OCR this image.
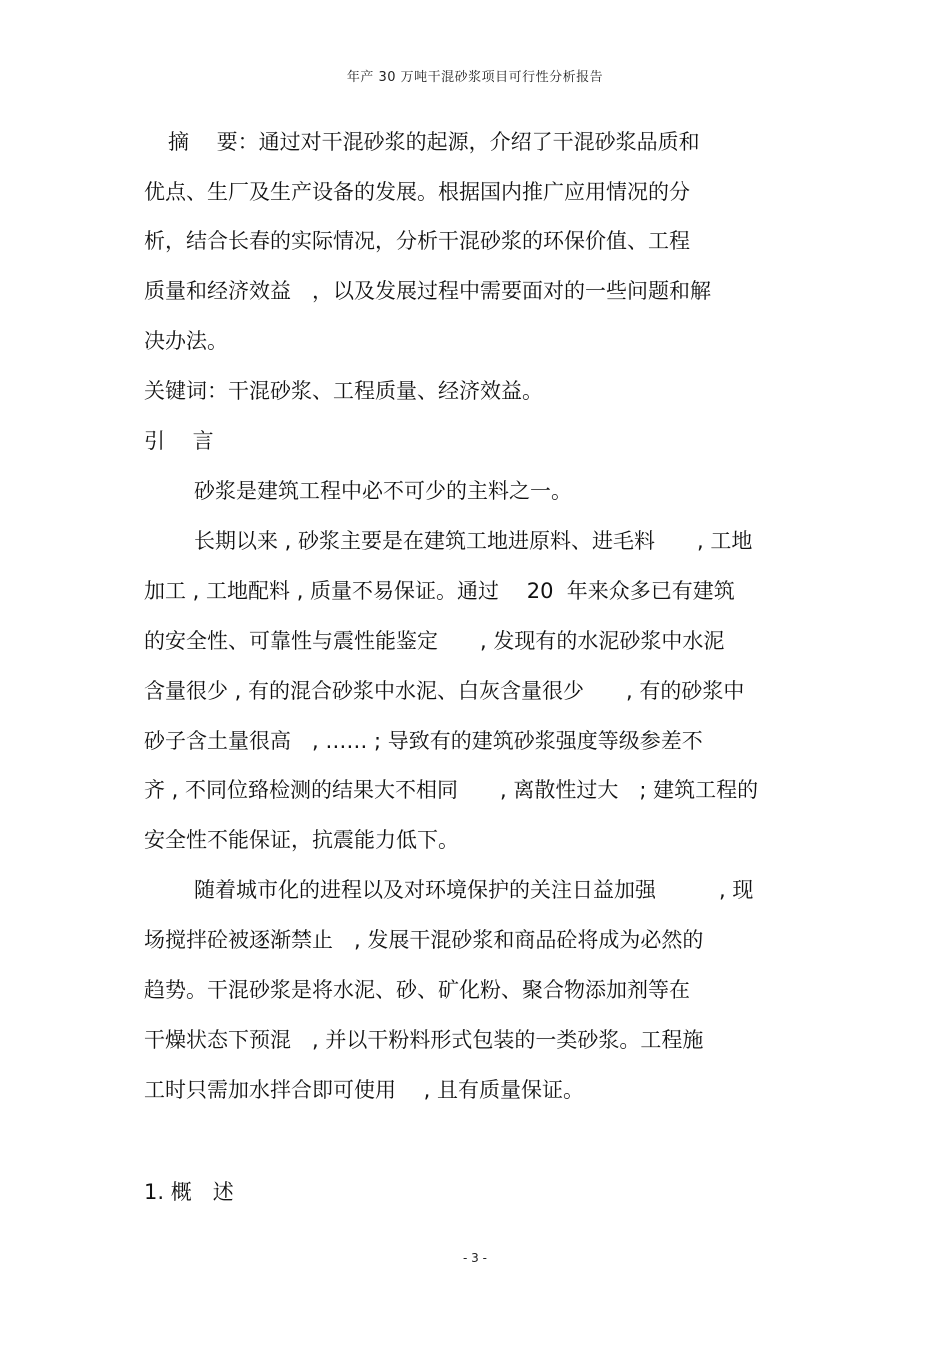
年产 30 万吨干混砂浆项目可行性分析报告
摘　 要：通过对干混砂浆的起源，介绍了干混砂浆品质和
优点、生厂及生产设备的发展。根据国内推广应用情况的分
析，结合长春的实际情况，分析干混砂浆的环保价值、工程
质量和经济效益　，以及发展过程中需要面对的一些问题和解
决办法。
关键词：干混砂浆、工程质量、经济效益。
引　 言
砂浆是建筑工程中必不可少的主料之一。
长期以来 , 砂浆主要是在建筑工地进原料、进毛料　　, 工地
加工 , 工地配料 , 质量不易保证。通过　 20  年来众多已有建筑
的安全性、可靠性与震性能鉴定　　, 发现有的水泥砂浆中水泥
含量很少 , 有的混合砂浆中水泥、白灰含量很少　　, 有的砂浆中
砂子含土量很高　, …… ; 导致有的建筑砂浆强度等级参差不
齐 , 不同位臵检测的结果大不相同　　, 离散性过大　; 建筑工程的
安全性不能保证，抗震能力低下。
随着城市化的进程以及对环境保护的关注日益加强　　　, 现
场搅拌砼被逐渐禁止　, 发展干混砂浆和商品砼将成为必然的
趋势。干混砂浆是将水泥、砂、矿化粉、聚合物添加剂等在
干燥状态下预混　, 并以干粉料形式包装的一类砂浆。工程施
工时只需加水拌合即可使用　 , 且有质量保证。
1. 概　述
- 3 -
